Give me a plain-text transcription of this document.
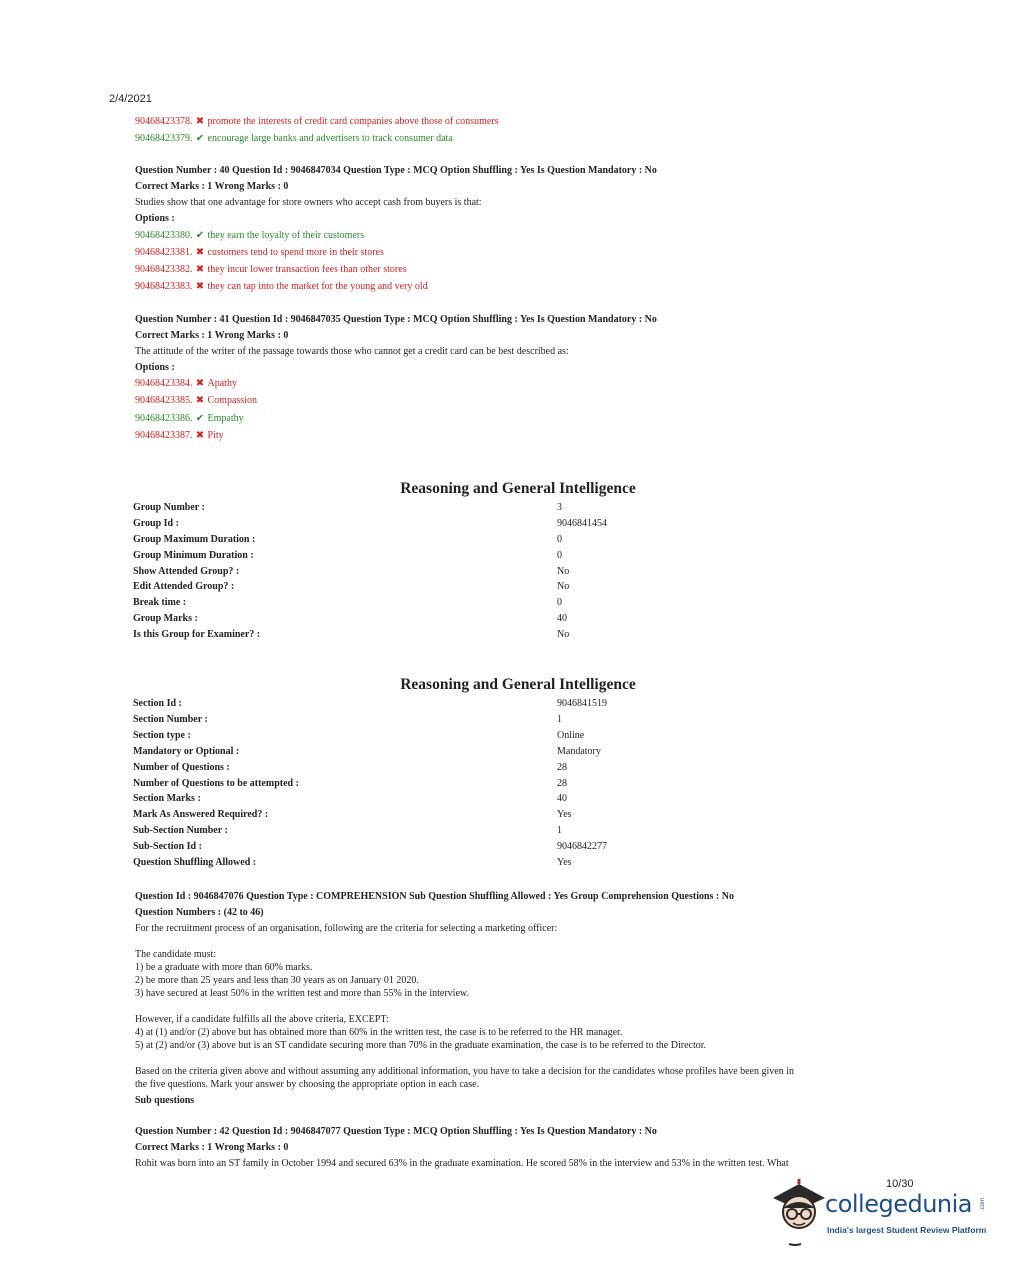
2/4/2021
90468423378. ✖ promote the interests of credit card companies above those of consumers
90468423379. ✔ encourage large banks and advertisers to track consumer data
Question Number : 40 Question Id : 9046847034 Question Type : MCQ Option Shuffling : Yes Is Question Mandatory : No
Correct Marks : 1 Wrong Marks : 0
Studies show that one advantage for store owners who accept cash from buyers is that:
Options :
90468423380. ✔ they earn the loyalty of their customers
90468423381. ✖ customers tend to spend more in their stores
90468423382. ✖ they incur lower transaction fees than other stores
90468423383. ✖ they can tap into the market for the young and very old
Question Number : 41 Question Id : 9046847035 Question Type : MCQ Option Shuffling : Yes Is Question Mandatory : No
Correct Marks : 1 Wrong Marks : 0
The attitude of the writer of the passage towards those who cannot get a credit card can be best described as:
Options :
90468423384. ✖ Apathy
90468423385. ✖ Compassion
90468423386. ✔ Empathy
90468423387. ✖ Pity
Reasoning and General Intelligence
Group Number :	3
Group Id :	9046841454
Group Maximum Duration :	0
Group Minimum Duration :	0
Show Attended Group? :	No
Edit Attended Group? :	No
Break time :	0
Group Marks :	40
Is this Group for Examiner? :	No
Reasoning and General Intelligence
Section Id :	9046841519
Section Number :	1
Section type :	Online
Mandatory or Optional :	Mandatory
Number of Questions :	28
Number of Questions to be attempted :	28
Section Marks :	40
Mark As Answered Required? :	Yes
Sub-Section Number :	1
Sub-Section Id :	9046842277
Question Shuffling Allowed :	Yes
Question Id : 9046847076 Question Type : COMPREHENSION Sub Question Shuffling Allowed : Yes Group Comprehension Questions : No
Question Numbers : (42 to 46)
For the recruitment process of an organisation, following are the criteria for selecting a marketing officer:
The candidate must:
1) be a graduate with more than 60% marks.
2) be more than 25 years and less than 30 years as on January 01 2020.
3) have secured at least 50% in the written test and more than 55% in the interview.
However, if a candidate fulfills all the above criteria, EXCEPT:
4) at (1) and/or (2) above but has obtained more than 60% in the written test, the case is to be referred to the HR manager.
5) at (2) and/or (3) above but is an ST candidate securing more than 70% in the graduate examination, the case is to be referred to the Director.
Based on the criteria given above and without assuming any additional information, you have to take a decision for the candidates whose profiles have been given in
the five questions. Mark your answer by choosing the appropriate option in each case.
Sub questions
Question Number : 42 Question Id : 9046847077 Question Type : MCQ Option Shuffling : Yes Is Question Mandatory : No
Correct Marks : 1 Wrong Marks : 0
Rohit was born into an ST family in October 1994 and secured 63% in the graduate examination. He scored 58% in the interview and 53% in the written test. What
10/30
collegedunia .com
India's largest Student Review Platform
